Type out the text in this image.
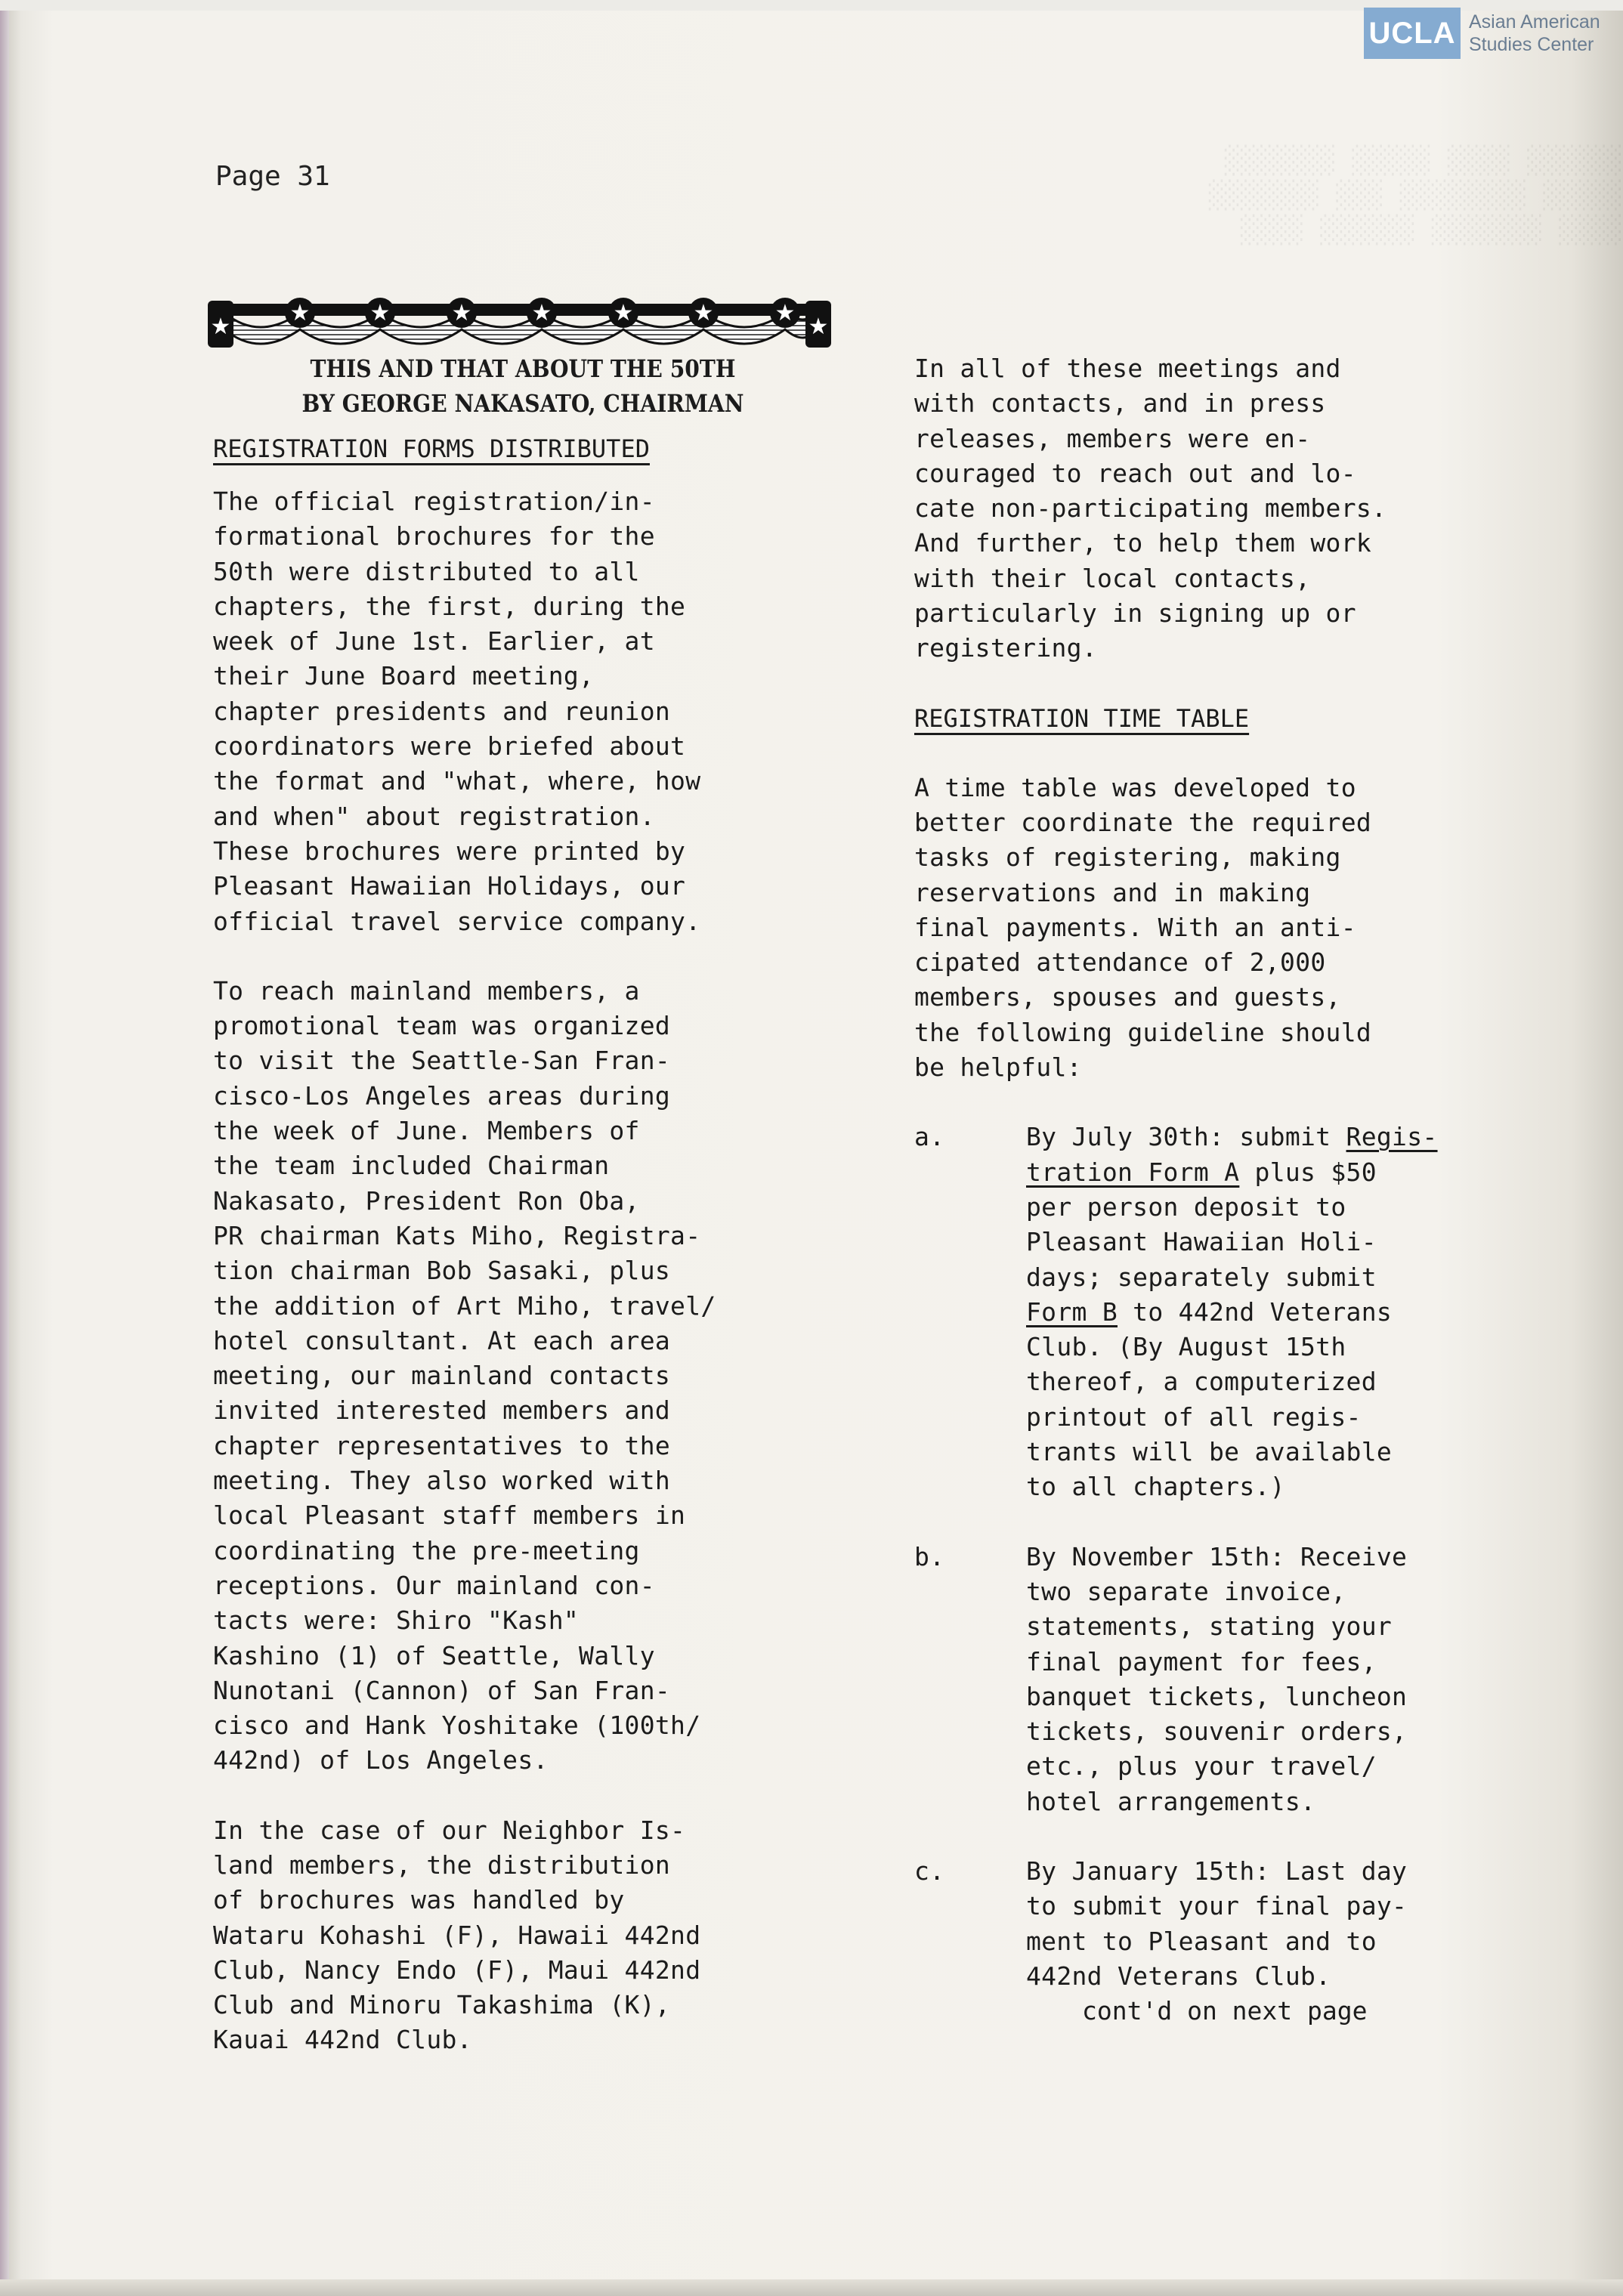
░░░░░░ ░░░░ ░░░░░ ░░░░░░░
░░░░░ ░░░░░░░░ ░░░ ░░░░░░░
░░░░ ░░░░░░░ ░░░░░░ ░░░░
UCLA Asian American
Studies Center
Page 31
★
★	★	★	★	★	★	★
★
THIS AND THAT ABOUT THE 50TH
BY GEORGE NAKASATO, CHAIRMAN
REGISTRATION FORMS DISTRIBUTED

The official registration/in-
formational brochures for the
50th were distributed to all
chapters, the first, during the
week of June 1st. Earlier, at
their June Board meeting,
chapter presidents and reunion
coordinators were briefed about
the format and "what, where, how
and when" about registration.
These brochures were printed by
Pleasant Hawaiian Holidays, our
official travel service company.

To reach mainland members, a
promotional team was organized
to visit the Seattle-San Fran-
cisco-Los Angeles areas during
the week of June. Members of
the team included Chairman
Nakasato, President Ron Oba,
PR chairman Kats Miho, Registra-
tion chairman Bob Sasaki, plus
the addition of Art Miho, travel/
hotel consultant. At each area
meeting, our mainland contacts
invited interested members and
chapter representatives to the
meeting. They also worked with
local Pleasant staff members in
coordinating the pre-meeting
receptions. Our mainland con-
tacts were: Shiro "Kash"
Kashino (1) of Seattle, Wally
Nunotani (Cannon) of San Fran-
cisco and Hank Yoshitake (100th/
442nd) of Los Angeles.

In the case of our Neighbor Is-
land members, the distribution
of brochures was handled by
Wataru Kohashi (F), Hawaii 442nd
Club, Nancy Endo (F), Maui 442nd
Club and Minoru Takashima (K),
Kauai 442nd Club.

In all of these meetings and
with contacts, and in press
releases, members were en-
couraged to reach out and lo-
cate non-participating members.
And further, to help them work
with their local contacts,
particularly in signing up or
registering.

REGISTRATION TIME TABLE

A time table was developed to
better coordinate the required
tasks of registering, making
reservations and in making
final payments. With an anti-
cipated attendance of 2,000
members, spouses and guests,
the following guideline should
be helpful:

a.	By July 30th: submit Regis-
tration Form A plus $50
per person deposit to
Pleasant Hawaiian Holi-
days; separately submit
Form B to 442nd Veterans
Club. (By August 15th
thereof, a computerized
printout of all regis-
trants will be available
to all chapters.)
b.	By November 15th: Receive
two separate invoice,
statements, stating your
final payment for fees,
banquet tickets, luncheon
tickets, souvenir orders,
etc., plus your travel/
hotel arrangements.
c.	By January 15th: Last day
to submit your final pay-
ment to Pleasant and to
442nd Veterans Club.
cont'd on next page
